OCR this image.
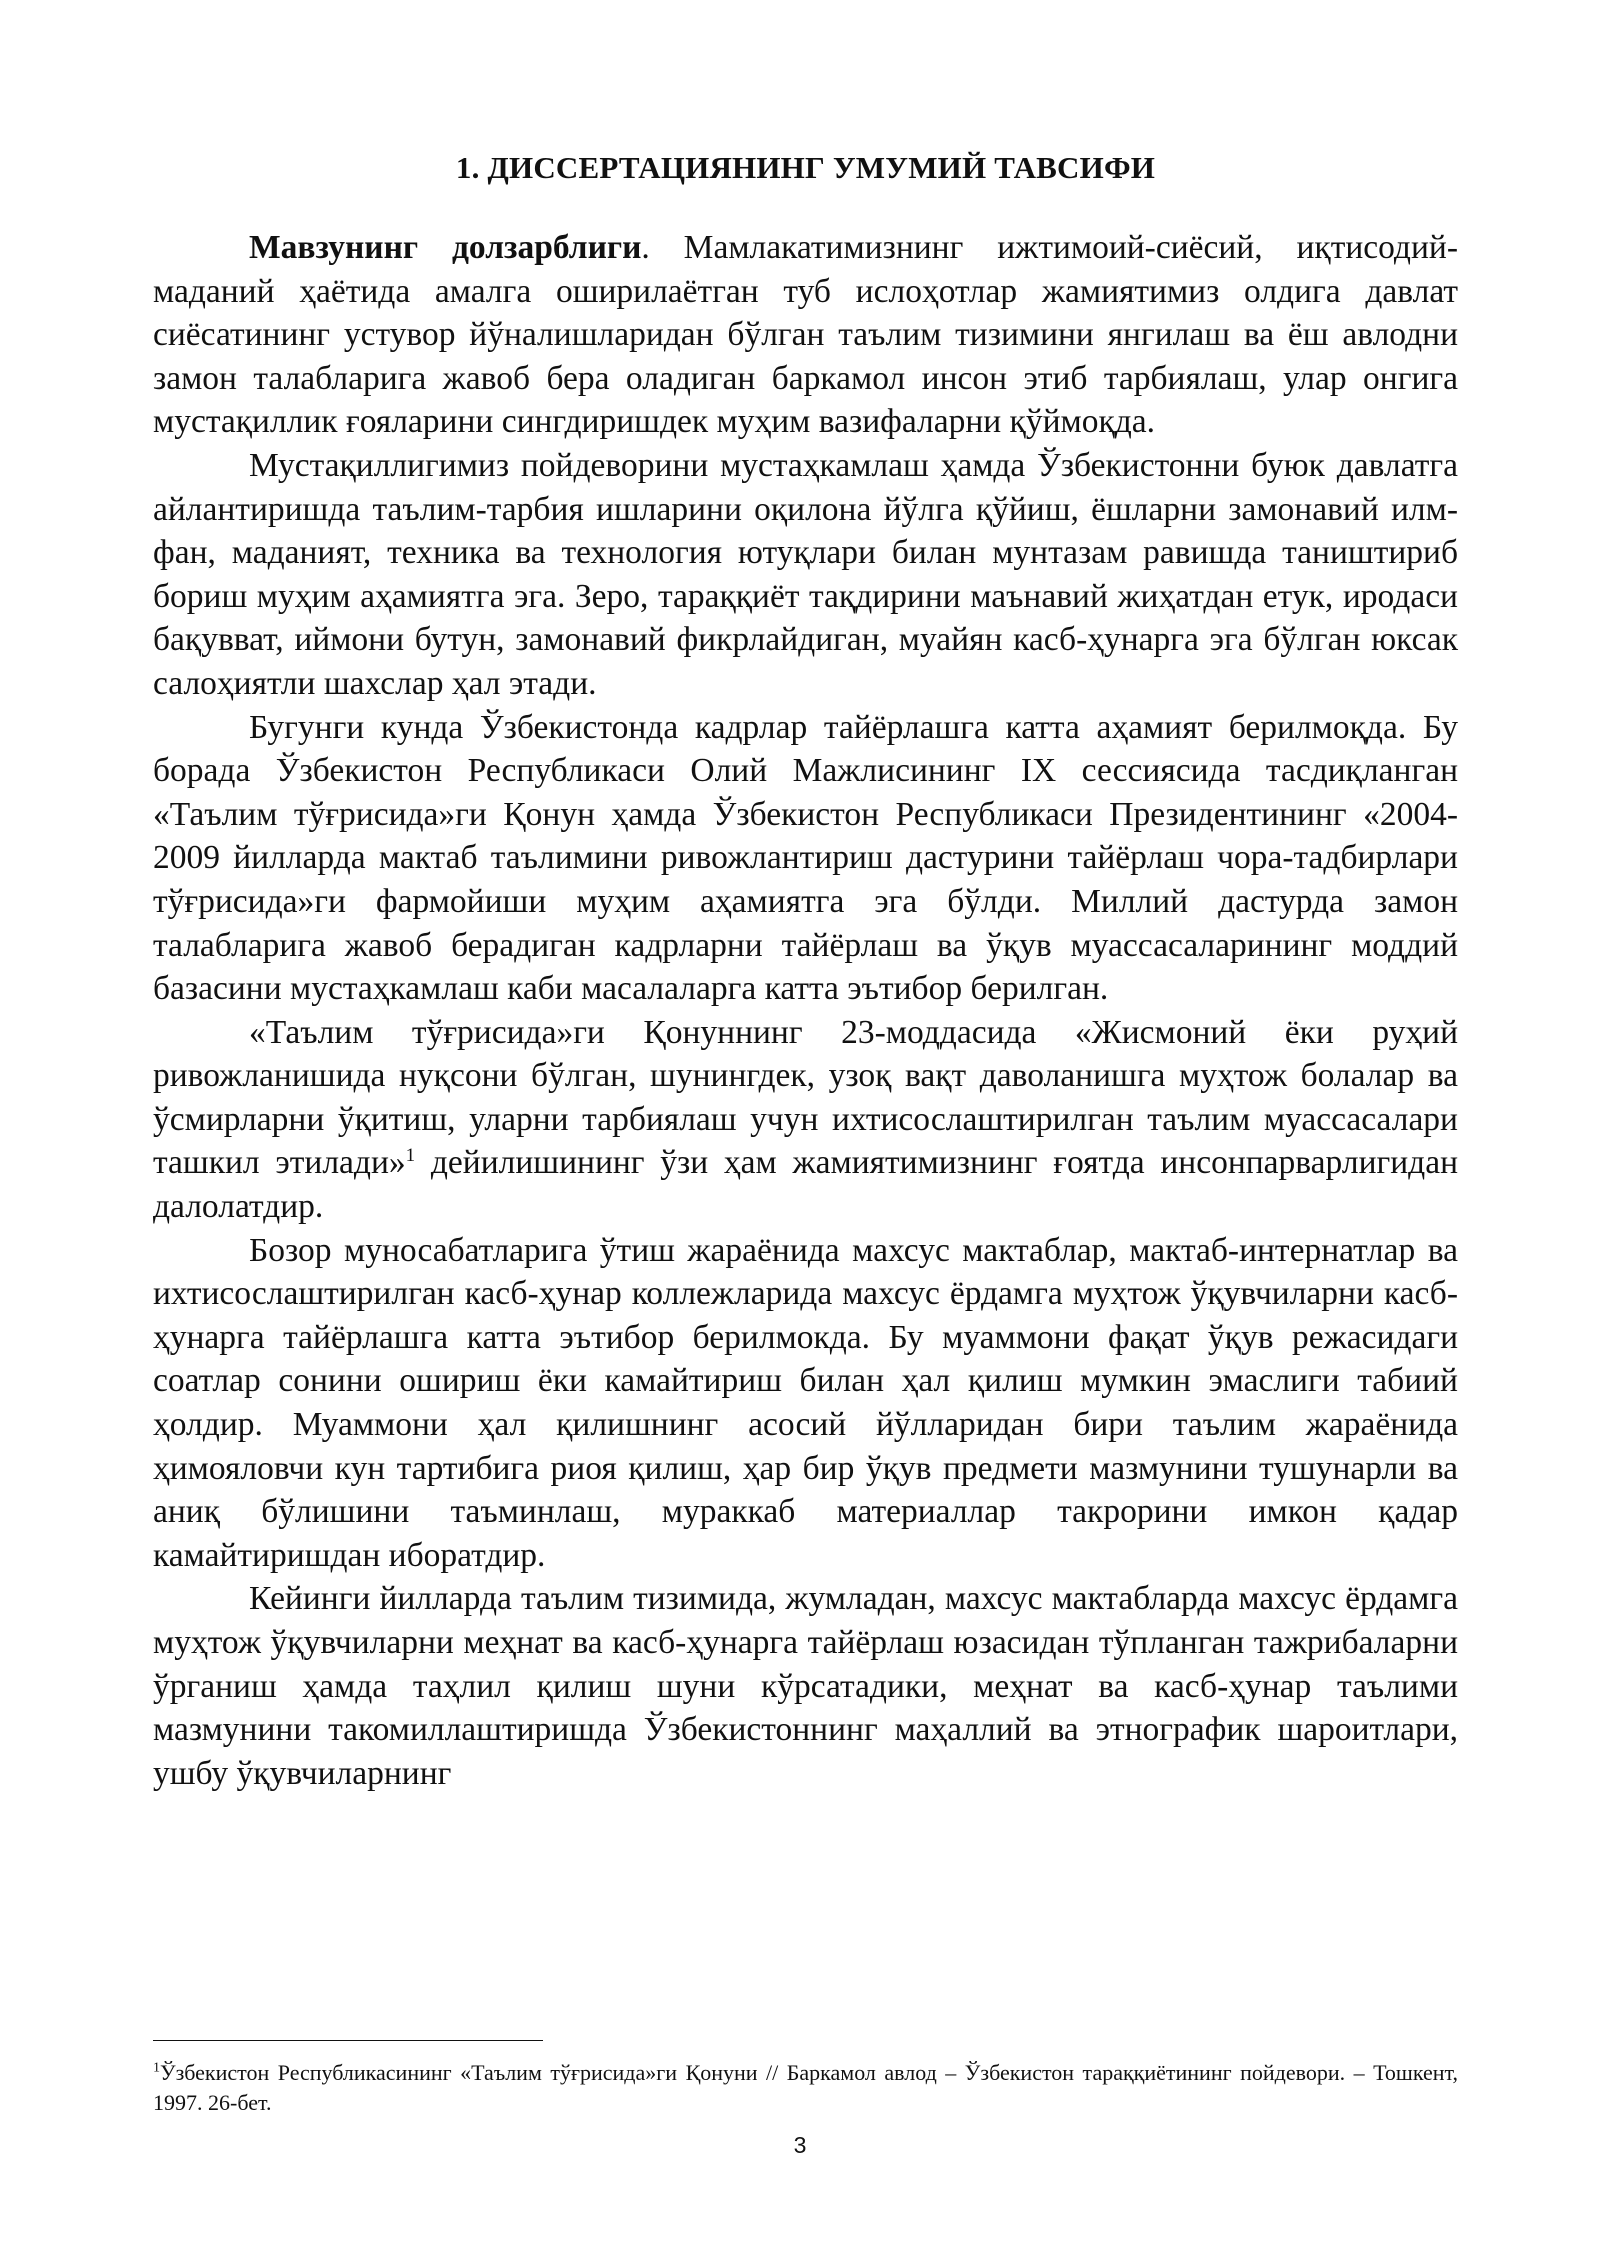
1. ДИССЕРТАЦИЯНИНГ УМУМИЙ ТАВСИФИ

Мавзунинг долзарблиги. Мамлакатимизнинг ижтимоий-сиёсий, иқтисодий-маданий ҳаётида амалга оширилаётган туб ислоҳотлар жамиятимиз олдига давлат сиёсатининг устувор йўналишларидан бўлган таълим тизимини янгилаш ва ёш авлодни замон талабларига жавоб бера оладиган баркамол инсон этиб тарбиялаш, улар онгига мустақиллик ғояларини сингдиришдек муҳим вазифаларни қўймоқда.

Мустақиллигимиз пойдеворини мустаҳкамлаш ҳамда Ўзбекистонни буюк давлатга айлантиришда таълим-тарбия ишларини оқилона йўлга қўйиш, ёшларни замонавий илм-фан, маданият, техника ва технология ютуқлари билан мунтазам равишда таништириб бориш муҳим аҳамиятга эга. Зеро, тараққиёт тақдирини маънавий жиҳатдан етук, иродаси бақувват, иймони бутун, замонавий фикрлайдиган, муайян касб-ҳунарга эга бўлган юксак салоҳиятли шахслар ҳал этади.

Бугунги кунда Ўзбекистонда кадрлар тайёрлашга катта аҳамият берилмоқда. Бу борада Ўзбекистон Республикаси Олий Мажлисининг IX сессиясида тасдиқланган «Таълим тўғрисида»ги Қонун ҳамда Ўзбекистон Республикаси Президентининг «2004-2009 йилларда мактаб таълимини ривожлантириш дастурини тайёрлаш чора-тадбирлари тўғрисида»ги фармойиши муҳим аҳамиятга эга бўлди. Миллий дастурда замон талабларига жавоб берадиган кадрларни тайёрлаш ва ўқув муассасаларининг моддий базасини мустаҳкамлаш каби масалаларга катта эътибор берилган.

«Таълим тўғрисида»ги Қонуннинг 23-моддасида «Жисмоний ёки руҳий ривожланишида нуқсони бўлган, шунингдек, узоқ вақт даволанишга муҳтож болалар ва ўсмирларни ўқитиш, уларни тарбиялаш учун ихтисослаштирилган таълим муассасалари ташкил этилади»$^1$ дейилишининг ўзи ҳам жамиятимизнинг ғоятда инсонпарварлигидан далолатдир.

Бозор муносабатларига ўтиш жараёнида махсус мактаблар, мактаб-интернатлар ва ихтисослаштирилган касб-ҳунар коллежларида махсус ёрдамга муҳтож ўқувчиларни касб-ҳунарга тайёрлашга катта эътибор берилмокда. Бу муаммони фақат ўқув режасидаги соатлар сонини ошириш ёки камайтириш билан ҳал қилиш мумкин эмаслиги табиий ҳолдир. Муаммони ҳал қилишнинг асосий йўлларидан бири таълим жараёнида ҳимояловчи кун тартибига риоя қилиш, ҳар бир ўқув предмети мазмунини тушунарли ва аниқ бўлишини таъминлаш, мураккаб материаллар такрорини имкон қадар камайтиришдан иборатдир.

Кейинги йилларда таълим тизимида, жумладан, махсус мактабларда махсус ёрдамга муҳтож ўқувчиларни меҳнат ва касб-ҳунарга тайёрлаш юзасидан тўпланган тажрибаларни ўрганиш ҳамда таҳлил қилиш шуни кўрсатадики, меҳнат ва касб-ҳунар таълими мазмунини такомиллаштиришда Ўзбекистоннинг маҳаллий ва этнографик шароитлари, ушбу ўқувчиларнинг

$^1$Ўзбекистон Республикасининг «Таълим тўғрисида»ги Қонуни // Баркамол авлод – Ўзбекистон тараққиётининг пойдевори. – Тошкент, 1997. 26-бет.

3
